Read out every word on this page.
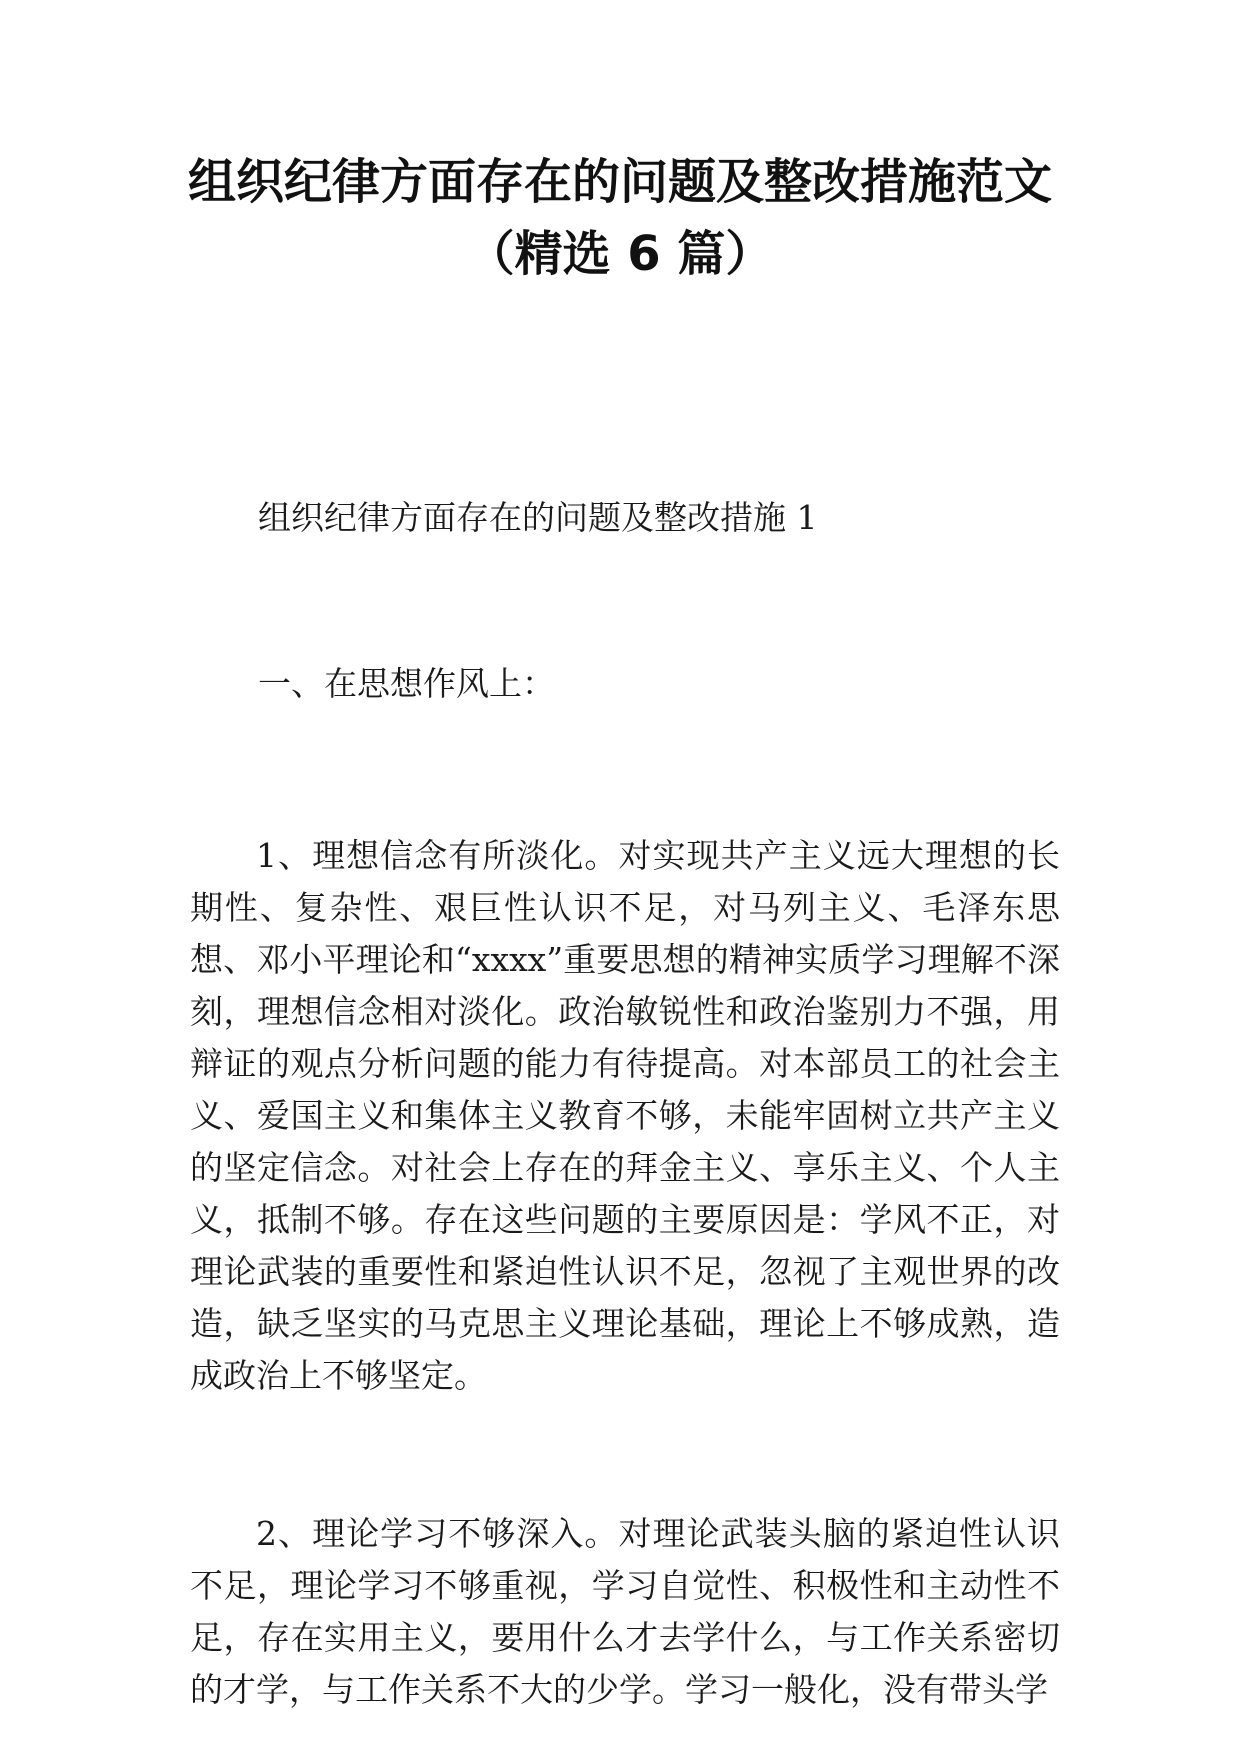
组织纪律方面存在的问题及整改措施范文
（精选 6 篇）
组织纪律方面存在的问题及整改措施 1
一、在思想作风上：

1、理想信念有所淡化。对实现共产主义远大理想的长期性、复杂性、艰巨性认识不足，对马列主义、毛泽东思想、邓小平理论和“xxxx”重要思想的精神实质学习理解不深刻，理想信念相对淡化。政治敏锐性和政治鉴别力不强，用辩证的观点分析问题的能力有待提高。对本部员工的社会主义、爱国主义和集体主义教育不够，未能牢固树立共产主义的坚定信念。对社会上存在的拜金主义、享乐主义、个人主义，抵制不够。存在这些问题的主要原因是：学风不正，对理论武装的重要性和紧迫性认识不足，忽视了主观世界的改造，缺乏坚实的马克思主义理论基础，理论上不够成熟，造成政治上不够坚定。

2、理论学习不够深入。对理论武装头脑的紧迫性认识不足，理论学习不够重视，学习自觉性、积极性和主动性不足，存在实用主义，要用什么才去学什么，与工作关系密切的才学，与工作关系不大的少学。学习一般化，没有带头学
